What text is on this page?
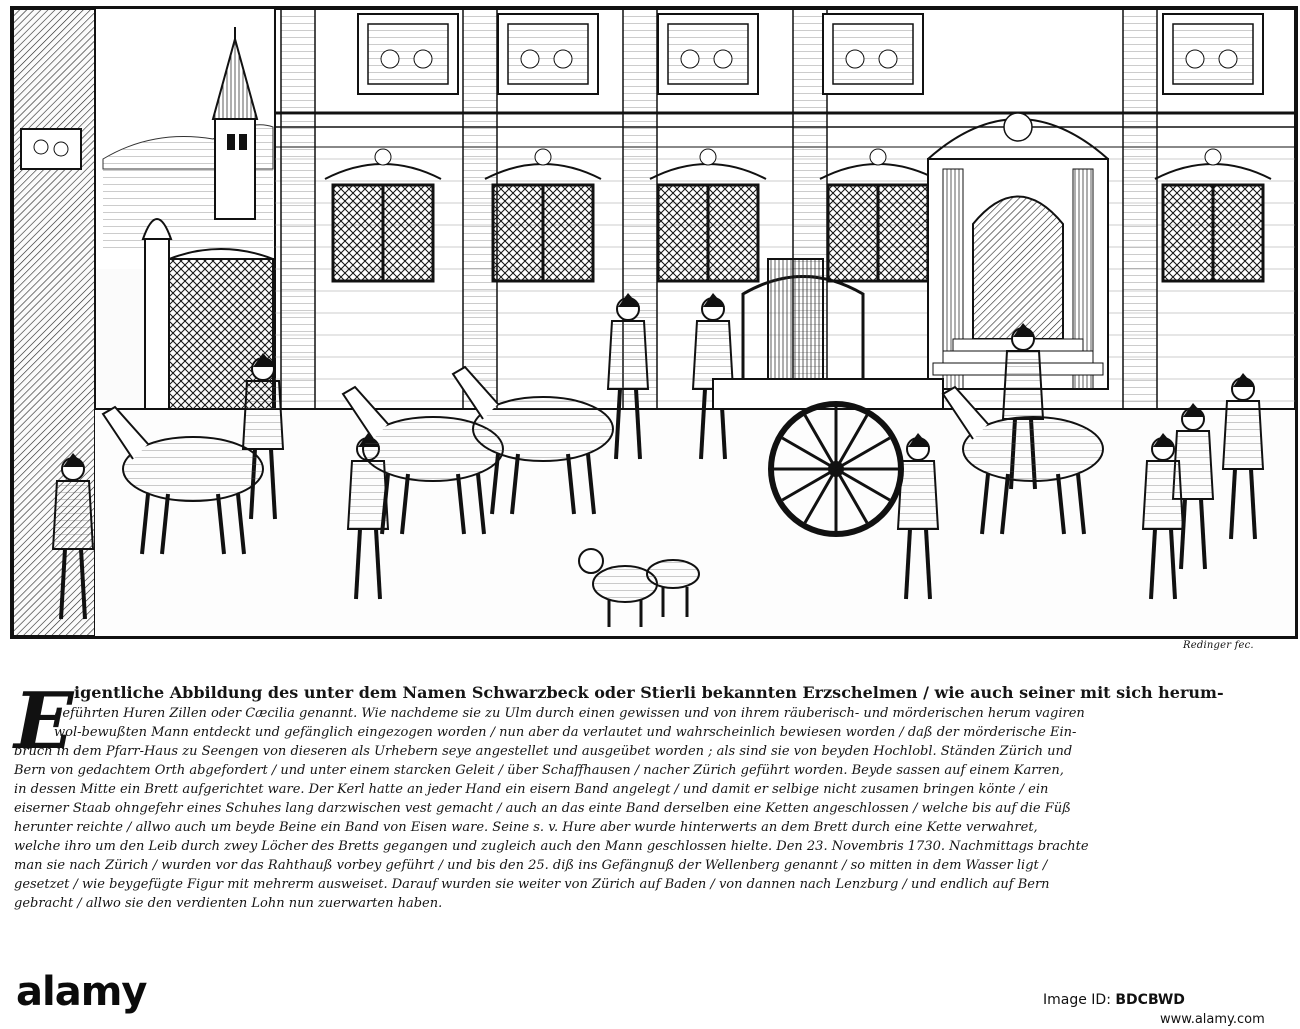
Redinger fec.
E igentliche Abbildung des unter dem Namen Schwarzbeck oder Stierli bekannten Erzschelmen / wie auch seiner mit sich herum-
geführten Huren Zillen oder Cæcilia genannt. Wie nachdeme sie zu Ulm durch einen gewissen und von ihrem räuberisch- und mörderischen herum vagiren
wol-bewußten Mann entdeckt und gefänglich eingezogen worden / nun aber da verlautet und wahrscheinlich bewiesen worden / daß der mörderische Ein-
bruch in dem Pfarr-Haus zu Seengen von dieseren als Urhebern seye angestellet und ausgeübet worden ; als sind sie von beyden Hochlobl. Ständen Zürich und
Bern von gedachtem Orth abgefordert / und unter einem starcken Geleit / über Schaffhausen / nacher Zürich geführt worden. Beyde sassen auf einem Karren,
in dessen Mitte ein Brett aufgerichtet ware. Der Kerl hatte an jeder Hand ein eisern Band angelegt / und damit er selbige nicht zusamen bringen könte / ein
eiserner Staab ohngefehr eines Schuhes lang darzwischen vest gemacht / auch an das einte Band derselben eine Ketten angeschlossen / welche bis auf die Füß
herunter reichte / allwo auch um beyde Beine ein Band von Eisen ware. Seine s. v. Hure aber wurde hinterwerts an dem Brett durch eine Kette verwahret,
welche ihro um den Leib durch zwey Löcher des Bretts gegangen und zugleich auch den Mann geschlossen hielte. Den 23. Novembris 1730. Nachmittags brachte
man sie nach Zürich / wurden vor das Rahthauß vorbey geführt / und bis den 25. diß ins Gefängnuß der Wellenberg genannt / so mitten in dem Wasser ligt /
gesetzet / wie beygefügte Figur mit mehrerm ausweiset. Darauf wurden sie weiter von Zürich auf Baden / von dannen nach Lenzburg / und endlich auf Bern
gebracht / allwo sie den verdienten Lohn nun zuerwarten haben.
alamy	Image ID: BDCBWD
www.alamy.com
